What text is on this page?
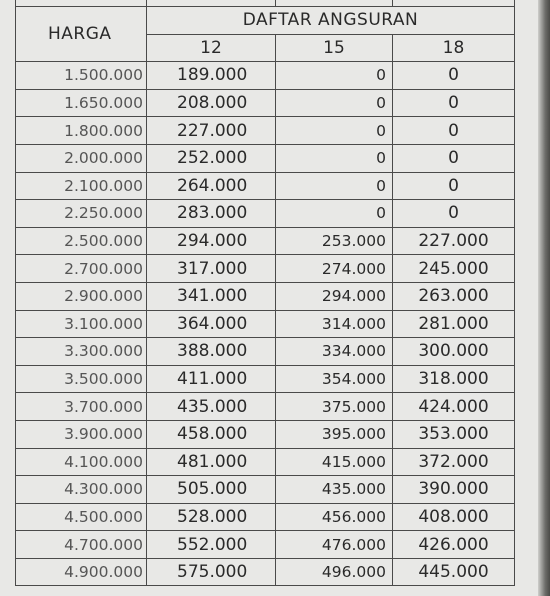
HARGA	DAFTAR ANGSURAN		
	12	15	18
1.500.000	189.000	0	0
1.650.000	208.000	0	0
1.800.000	227.000	0	0
2.000.000	252.000	0	0
2.100.000	264.000	0	0
2.250.000	283.000	0	0
2.500.000	294.000	253.000	227.000
2.700.000	317.000	274.000	245.000
2.900.000	341.000	294.000	263.000
3.100.000	364.000	314.000	281.000
3.300.000	388.000	334.000	300.000
3.500.000	411.000	354.000	318.000
3.700.000	435.000	375.000	424.000
3.900.000	458.000	395.000	353.000
4.100.000	481.000	415.000	372.000
4.300.000	505.000	435.000	390.000
4.500.000	528.000	456.000	408.000
4.700.000	552.000	476.000	426.000
4.900.000	575.000	496.000	445.000
